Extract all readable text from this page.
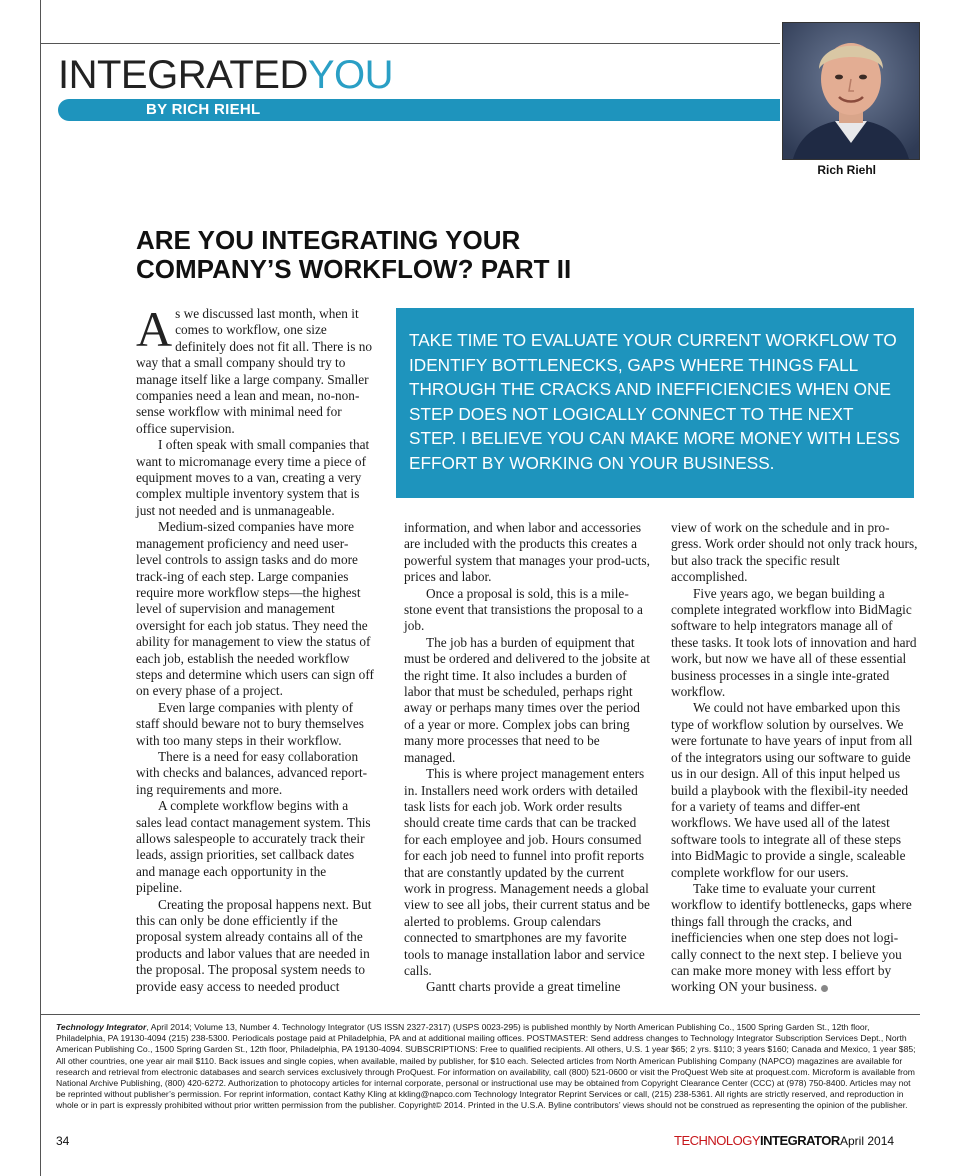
INTEGRATEDYOU
BY RICH RIEHL
Rich Riehl
ARE YOU INTEGRATING YOUR
COMPANY’S WORKFLOW? PART II

As we discussed last month, when it comes to workflow, one size definitely does not fit all. There is no way that a small company should try to manage itself like a large company. Smaller companies need a lean and mean, no-non-sense workflow with minimal need for office supervision.

I often speak with small companies that want to micromanage every time a piece of equipment moves to a van, creating a very complex multiple inventory system that is just not needed and is unmanageable.

Medium-sized companies have more management proficiency and need user-level controls to assign tasks and do more track-ing of each step. Large companies require more workflow steps—the highest level of supervision and management oversight for each job status. They need the ability for management to view the status of each job, establish the needed workflow steps and determine which users can sign off on every phase of a project.

Even large companies with plenty of staff should beware not to bury themselves with too many steps in their workflow.

There is a need for easy collaboration with checks and balances, advanced report-ing requirements and more.

A complete workflow begins with a sales lead contact management system. This allows salespeople to accurately track their leads, assign priorities, set callback dates and manage each opportunity in the pipeline.

Creating the proposal happens next. But this can only be done efficiently if the proposal system already contains all of the products and labor values that are needed in the proposal. The proposal system needs to provide easy access to needed product

TAKE TIME TO EVALUATE YOUR CURRENT WORKFLOW TO IDENTIFY BOTTLENECKS, GAPS WHERE THINGS FALL THROUGH THE CRACKS AND INEFFICIENCIES WHEN ONE STEP DOES NOT LOGICALLY CONNECT TO THE NEXT STEP. I BELIEVE YOU CAN MAKE MORE MONEY WITH LESS EFFORT BY WORKING ON YOUR BUSINESS.

information, and when labor and accessories are included with the products this creates a powerful system that manages your prod-ucts, prices and labor.

Once a proposal is sold, this is a mile-stone event that transistions the proposal to a job.

The job has a burden of equipment that must be ordered and delivered to the jobsite at the right time. It also includes a burden of labor that must be scheduled, perhaps right away or perhaps many times over the period of a year or more. Complex jobs can bring many more processes that need to be managed.

This is where project management enters in. Installers need work orders with detailed task lists for each job. Work order results should create time cards that can be tracked for each employee and job. Hours consumed for each job need to funnel into profit reports that are constantly updated by the current work in progress. Management needs a global view to see all jobs, their current status and be alerted to problems. Group calendars connected to smartphones are my favorite tools to manage installation labor and service calls.

Gantt charts provide a great timeline

view of work on the schedule and in pro-gress. Work order should not only track hours, but also track the specific result accomplished.

Five years ago, we began building a complete integrated workflow into BidMagic software to help integrators manage all of these tasks. It took lots of innovation and hard work, but now we have all of these essential business processes in a single inte-grated workflow.

We could not have embarked upon this type of workflow solution by ourselves. We were fortunate to have years of input from all of the integrators using our software to guide us in our design. All of this input helped us build a playbook with the flexibil-ity needed for a variety of teams and differ-ent workflows. We have used all of the latest software tools to integrate all of these steps into BidMagic to provide a single, scaleable complete workflow for our users.

Take time to evaluate your current workflow to identify bottlenecks, gaps where things fall through the cracks, and inefficiencies when one step does not logi-cally connect to the next step. I believe you can make more money with less effort by working ON your business.

Technology Integrator, April 2014; Volume 13, Number 4. Technology Integrator (US ISSN 2327-2317) (USPS 0023-295) is published monthly by North American Publishing Co., 1500 Spring Garden St., 12th floor, Philadelphia, PA 19130-4094 (215) 238-5300. Periodicals postage paid at Philadelphia, PA and at additional mailing offices. POSTMASTER: Send address changes to Technology Integrator Subscription Services Dept., North American Publishing Co., 1500 Spring Garden St., 12th floor, Philadelphia, PA 19130-4094. SUBSCRIPTIONS: Free to qualified recipients. All others, U.S. 1 year $65; 2 yrs. $110; 3 years $160; Canada and Mexico, 1 year $85; All other countries, one year air mail $110. Back issues and single copies, when available, mailed by publisher, for $10 each. Selected articles from North American Publishing Company (NAPCO) magazines are available for research and retrieval from electronic databases and search services exclusively through ProQuest. For information on availability, call (800) 521-0600 or visit the ProQuest Web site at proquest.com. Microform is available from National Archive Publishing, (800) 420-6272. Authorization to photocopy articles for internal corporate, personal or instructional use may be obtained from Copyright Clearance Center (CCC) at (978) 750-8400. Articles may not be reprinted without publisher’s permission. For reprint information, contact Kathy Kling at kkling@napco.com Technology Integrator Reprint Services or call, (215) 238-5361. All rights are strictly reserved, and reproduction in whole or in part is expressly prohibited without prior written permission from the publisher. Copyright© 2014. Printed in the U.S.A. Byline contributors’ views should not be construed as representing the opinion of the publisher.
34	TECHNOLOGYINTEGRATOR April 2014
